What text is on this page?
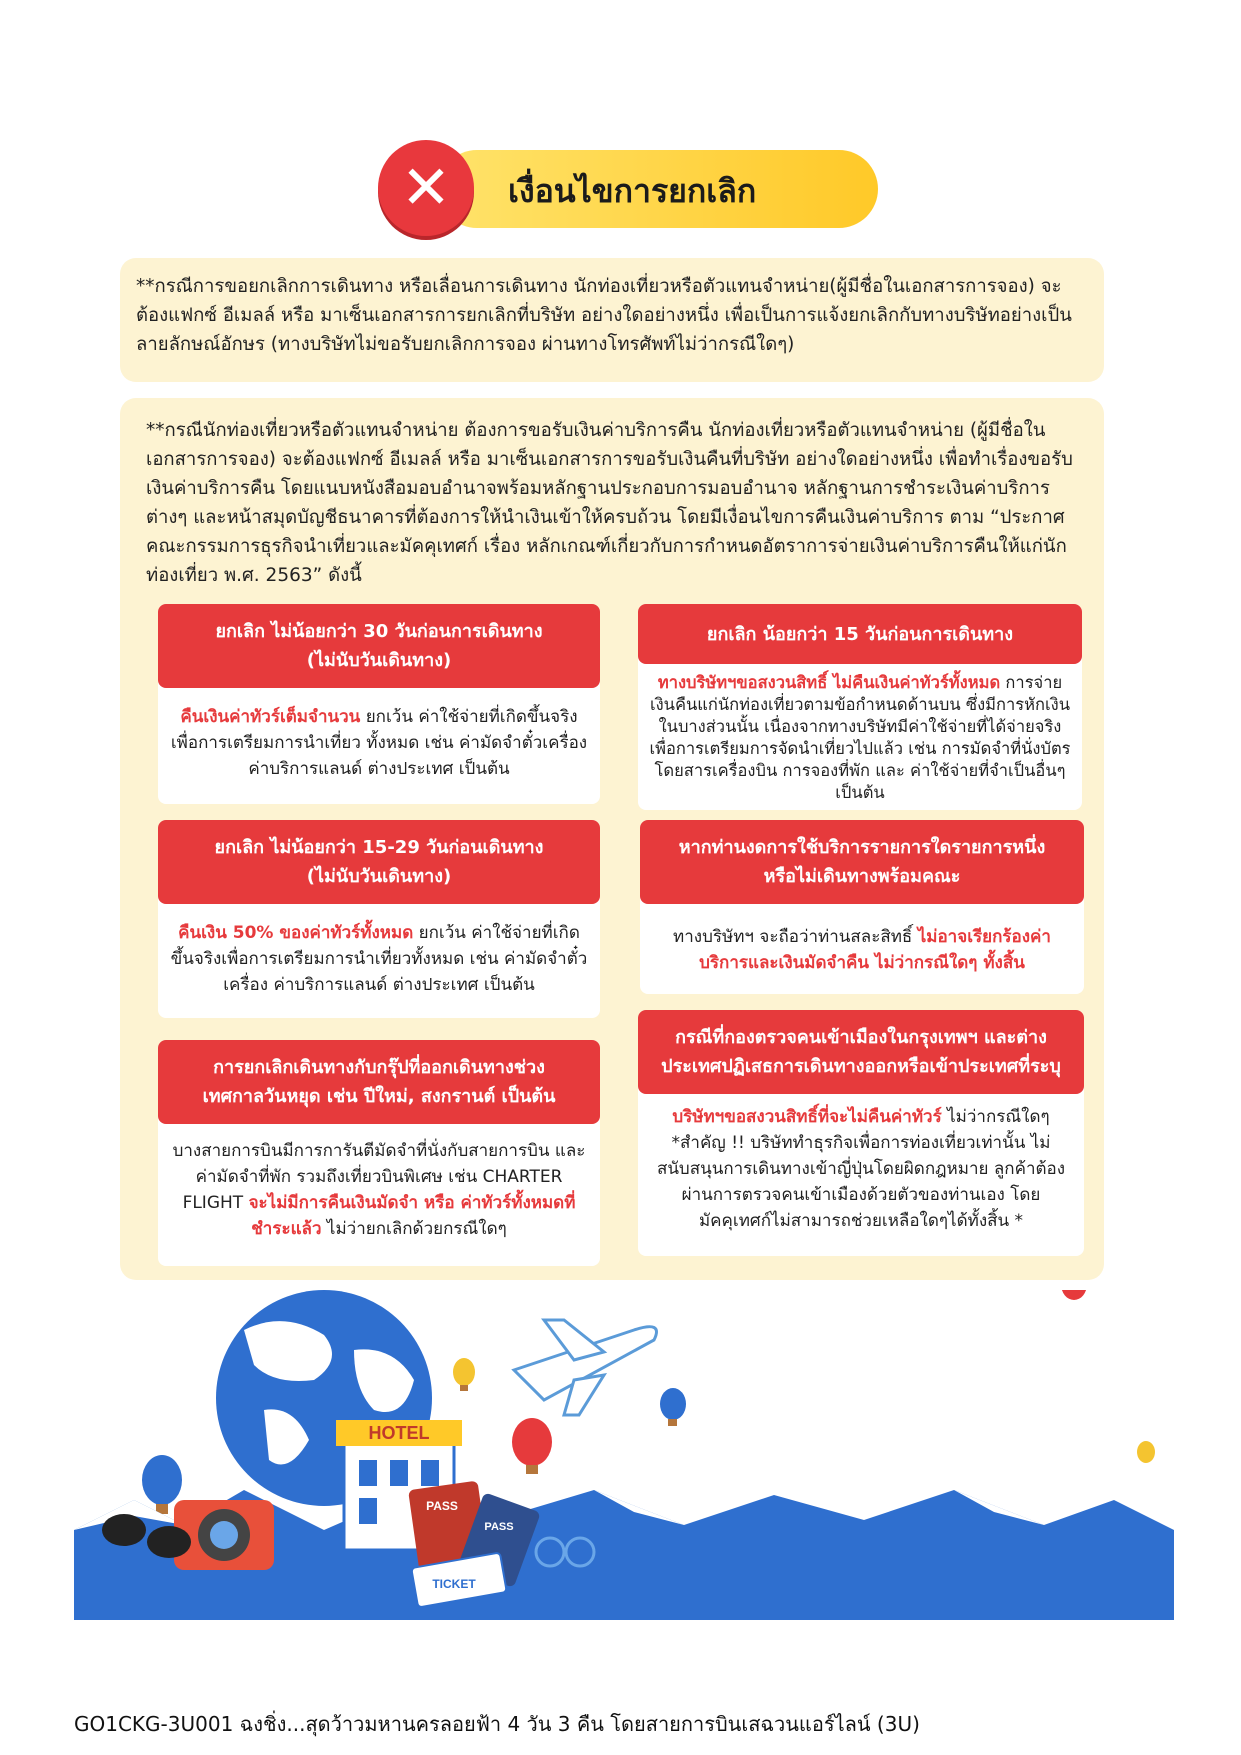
เงื่อนไขการยกเลิก
✕

**กรณีการขอยกเลิกการเดินทาง หรือเลื่อนการเดินทาง นักท่องเที่ยวหรือตัวแทนจำหน่าย(ผู้มีชื่อในเอกสารการจอง) จะต้องแฟกซ์ อีเมลล์ หรือ มาเซ็นเอกสารการยกเลิกที่บริษัท อย่างใดอย่างหนึ่ง เพื่อเป็นการแจ้งยกเลิกกับทางบริษัทอย่างเป็นลายลักษณ์อักษร (ทางบริษัทไม่ขอรับยกเลิกการจอง ผ่านทางโทรศัพท์ไม่ว่ากรณีใดๆ)

**กรณีนักท่องเที่ยวหรือตัวแทนจำหน่าย ต้องการขอรับเงินค่าบริการคืน นักท่องเที่ยวหรือตัวแทนจำหน่าย (ผู้มีชื่อในเอกสารการจอง) จะต้องแฟกซ์ อีเมลล์ หรือ มาเซ็นเอกสารการขอรับเงินคืนที่บริษัท อย่างใดอย่างหนึ่ง เพื่อทำเรื่องขอรับเงินค่าบริการคืน โดยแนบหนังสือมอบอำนาจพร้อมหลักฐานประกอบการมอบอำนาจ หลักฐานการชำระเงินค่าบริการต่างๆ และหน้าสมุดบัญชีธนาคารที่ต้องการให้นำเงินเข้าให้ครบถ้วน โดยมีเงื่อนไขการคืนเงินค่าบริการ ตาม “ประกาศคณะกรรมการธุรกิจนำเที่ยวและมัคคุเทศก์ เรื่อง หลักเกณฑ์เกี่ยวกับการกำหนดอัตราการจ่ายเงินค่าบริการคืนให้แก่นักท่องเที่ยว พ.ศ. 2563” ดังนี้

ยกเลิก ไม่น้อยกว่า 30 วันก่อนการเดินทาง
(ไม่นับวันเดินทาง)
คืนเงินค่าทัวร์เต็มจำนวน ยกเว้น ค่าใช้จ่ายที่เกิดขึ้นจริงเพื่อการเตรียมการนำเที่ยว ทั้งหมด เช่น ค่ามัดจำตั๋วเครื่อง ค่าบริการแลนด์ ต่างประเทศ เป็นต้น
ยกเลิก น้อยกว่า 15 วันก่อนการเดินทาง
ทางบริษัทฯขอสงวนสิทธิ์ ไม่คืนเงินค่าทัวร์ทั้งหมด การจ่ายเงินคืนแก่นักท่องเที่ยวตามข้อกำหนดด้านบน ซึ่งมีการหักเงินในบางส่วนนั้น เนื่องจากทางบริษัทมีค่าใช้จ่ายที่ได้จ่ายจริงเพื่อการเตรียมการจัดนำเที่ยวไปแล้ว เช่น การมัดจำที่นั่งบัตรโดยสารเครื่องบิน การจองที่พัก และ ค่าใช้จ่ายที่จำเป็นอื่นๆ เป็นต้น
ยกเลิก ไม่น้อยกว่า 15-29 วันก่อนเดินทาง
(ไม่นับวันเดินทาง)
คืนเงิน 50% ของค่าทัวร์ทั้งหมด ยกเว้น ค่าใช้จ่ายที่เกิดขึ้นจริงเพื่อการเตรียมการนำเที่ยวทั้งหมด เช่น ค่ามัดจำตั๋วเครื่อง ค่าบริการแลนด์ ต่างประเทศ เป็นต้น
หากท่านงดการใช้บริการรายการใดรายการหนึ่ง
หรือไม่เดินทางพร้อมคณะ
ทางบริษัทฯ จะถือว่าท่านสละสิทธิ์ ไม่อาจเรียกร้องค่าบริการและเงินมัดจำคืน ไม่ว่ากรณีใดๆ ทั้งสิ้น
การยกเลิกเดินทางกับกรุ๊ปที่ออกเดินทางช่วง
เทศกาลวันหยุด เช่น ปีใหม่, สงกรานต์ เป็นต้น
บางสายการบินมีการการันตีมัดจำที่นั่งกับสายการบิน และค่ามัดจำที่พัก รวมถึงเที่ยวบินพิเศษ เช่น CHARTER FLIGHT จะไม่มีการคืนเงินมัดจำ หรือ ค่าทัวร์ทั้งหมดที่ชำระแล้ว ไม่ว่ายกเลิกด้วยกรณีใดๆ
กรณีที่กองตรวจคนเข้าเมืองในกรุงเทพฯ และต่าง
ประเทศปฏิเสธการเดินทางออกหรือเข้าประเทศที่ระบุ
บริษัทฯขอสงวนสิทธิ์ที่จะไม่คืนค่าทัวร์ ไม่ว่ากรณีใดๆ *สำคัญ !! บริษัททำธุรกิจเพื่อการท่องเที่ยวเท่านั้น ไม่สนับสนุนการเดินทางเข้าญี่ปุ่นโดยผิดกฎหมาย ลูกค้าต้องผ่านการตรวจคนเข้าเมืองด้วยตัวของท่านเอง โดยมัคคุเทศก์ไม่สามารถช่วยเหลือใดๆได้ทั้งสิ้น *
HOTEL
PASS
PASS
TICKET
GO1CKG-3U001 ฉงชิ่ง...สุดว้าวมหานครลอยฟ้า 4 วัน 3 คืน โดยสายการบินเสฉวนแอร์ไลน์ (3U)
